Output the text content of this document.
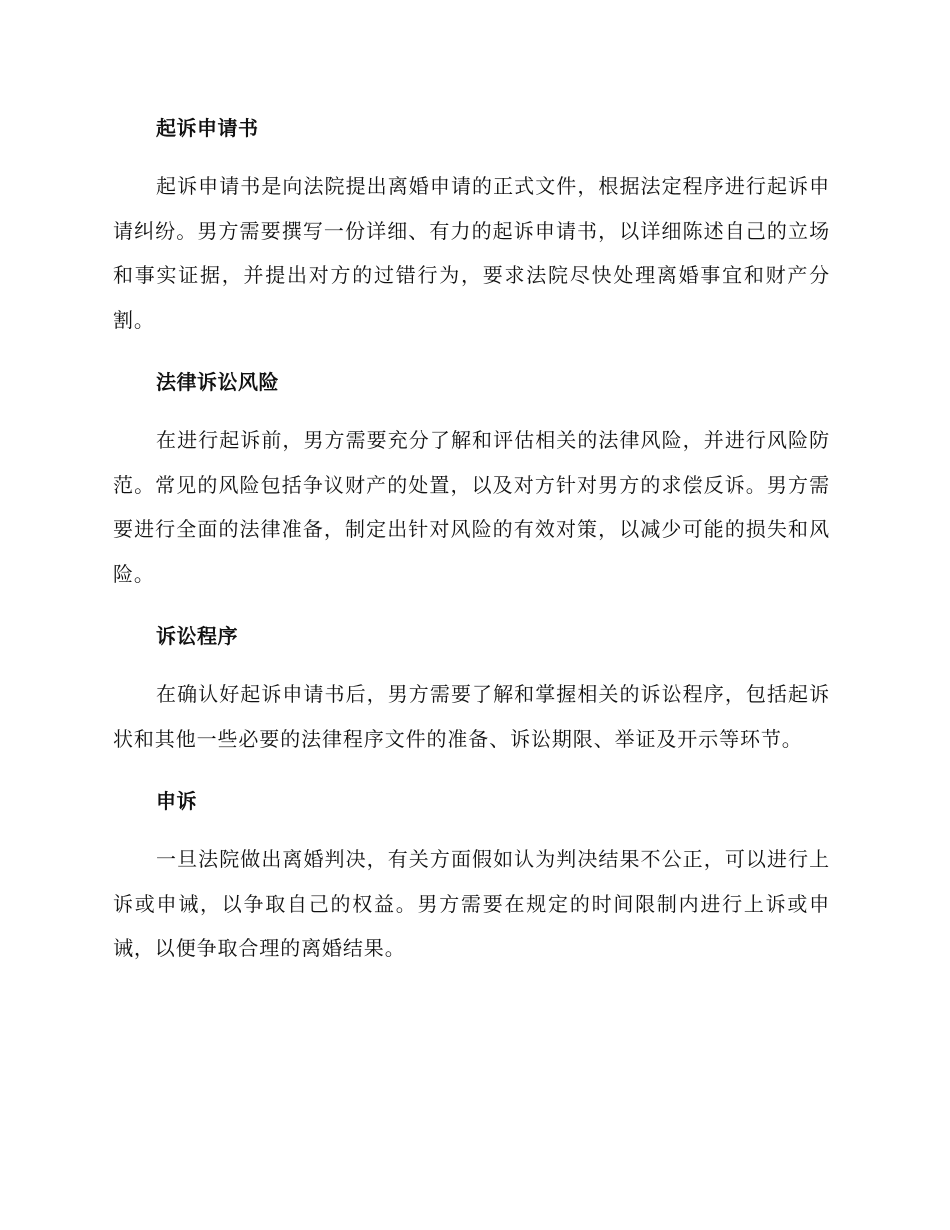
起诉申请书

起诉申请书是向法院提出离婚申请的正式文件，根据法定程序进行起诉申请纠纷。男方需要撰写一份详细、有力的起诉申请书，以详细陈述自己的立场和事实证据，并提出对方的过错行为，要求法院尽快处理离婚事宜和财产分割。

法律诉讼风险

在进行起诉前，男方需要充分了解和评估相关的法律风险，并进行风险防范。常见的风险包括争议财产的处置，以及对方针对男方的求偿反诉。男方需要进行全面的法律准备，制定出针对风险的有效对策，以减少可能的损失和风险。

诉讼程序

在确认好起诉申请书后，男方需要了解和掌握相关的诉讼程序，包括起诉状和其他一些必要的法律程序文件的准备、诉讼期限、举证及开示等环节。

申诉

一旦法院做出离婚判决，有关方面假如认为判决结果不公正，可以进行上诉或申诫，以争取自己的权益。男方需要在规定的时间限制内进行上诉或申诫，以便争取合理的离婚结果。
